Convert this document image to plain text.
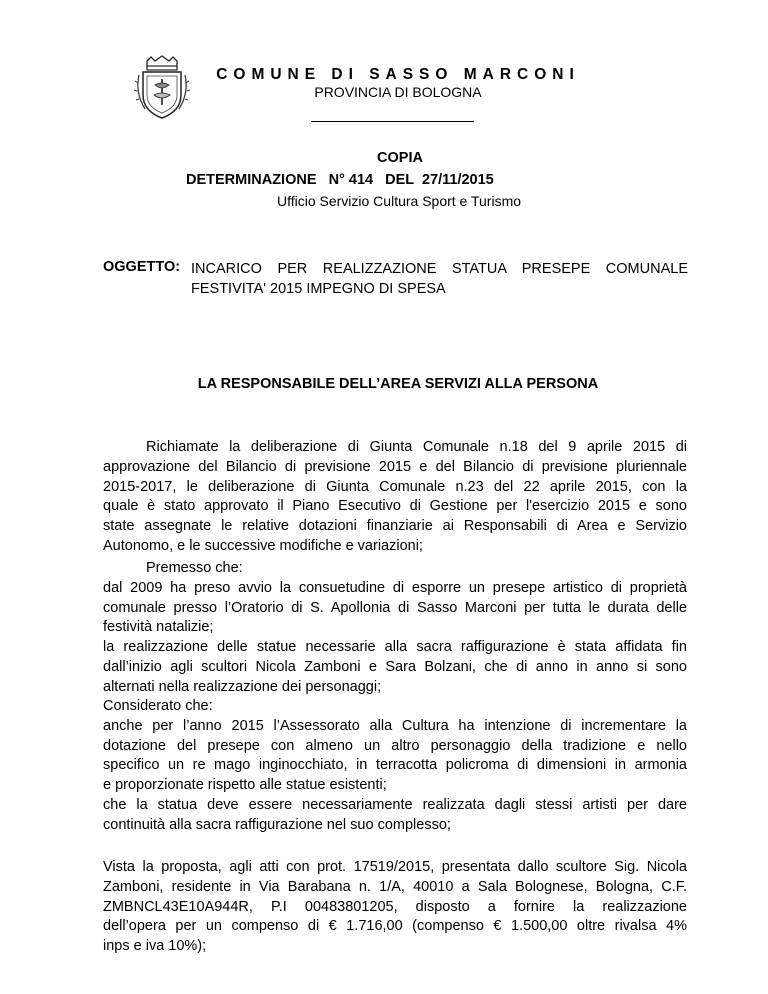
COMUNE DI SASSO MARCONI
PROVINCIA DI BOLOGNA
COPIA
DETERMINAZIONE   N° 414   DEL  27/11/2015
Ufficio Servizio Cultura Sport e Turismo
OGGETTO: INCARICO PER REALIZZAZIONE STATUA PRESEPE COMUNALE
FESTIVITA' 2015 IMPEGNO DI SPESA
LA RESPONSABILE DELL’AREA SERVIZI ALLA PERSONA
Richiamate la deliberazione di Giunta Comunale n.18 del 9 aprile 2015 di
approvazione del Bilancio di previsione 2015 e del Bilancio di previsione pluriennale
2015-2017, le deliberazione di Giunta Comunale n.23 del 22 aprile 2015, con la
quale è stato approvato il Piano Esecutivo di Gestione per l'esercizio 2015 e sono
state assegnate le relative dotazioni finanziarie ai Responsabili di Area e Servizio
Autonomo, e le successive modifiche e variazioni;
Premesso che:
dal 2009 ha preso avvio la consuetudine di esporre un presepe artistico di proprietà
comunale presso l’Oratorio di S. Apollonia di Sasso Marconi per tutta le durata delle
festività natalizie;
la realizzazione delle statue necessarie alla sacra raffigurazione è stata affidata fin
dall’inizio agli scultori Nicola Zamboni e Sara Bolzani, che di anno in anno si sono
alternati nella realizzazione dei personaggi;
Considerato che:
anche per l’anno 2015 l’Assessorato alla Cultura ha intenzione di incrementare la
dotazione del presepe con almeno un altro personaggio della tradizione e nello
specifico un re mago inginocchiato, in terracotta policroma di dimensioni in armonia
e proporzionate rispetto alle statue esistenti;
che la statua deve essere necessariamente realizzata dagli stessi artisti per dare
continuità alla sacra raffigurazione nel suo complesso;
Vista la proposta, agli atti con prot. 17519/2015, presentata dallo scultore Sig. Nicola
Zamboni, residente in Via Barabana n. 1/A, 40010 a Sala Bolognese, Bologna, C.F.
ZMBNCL43E10A944R, P.I 00483801205, disposto a fornire la realizzazione
dell’opera per un compenso di € 1.716,00 (compenso € 1.500,00 oltre rivalsa 4%
inps e iva 10%);
